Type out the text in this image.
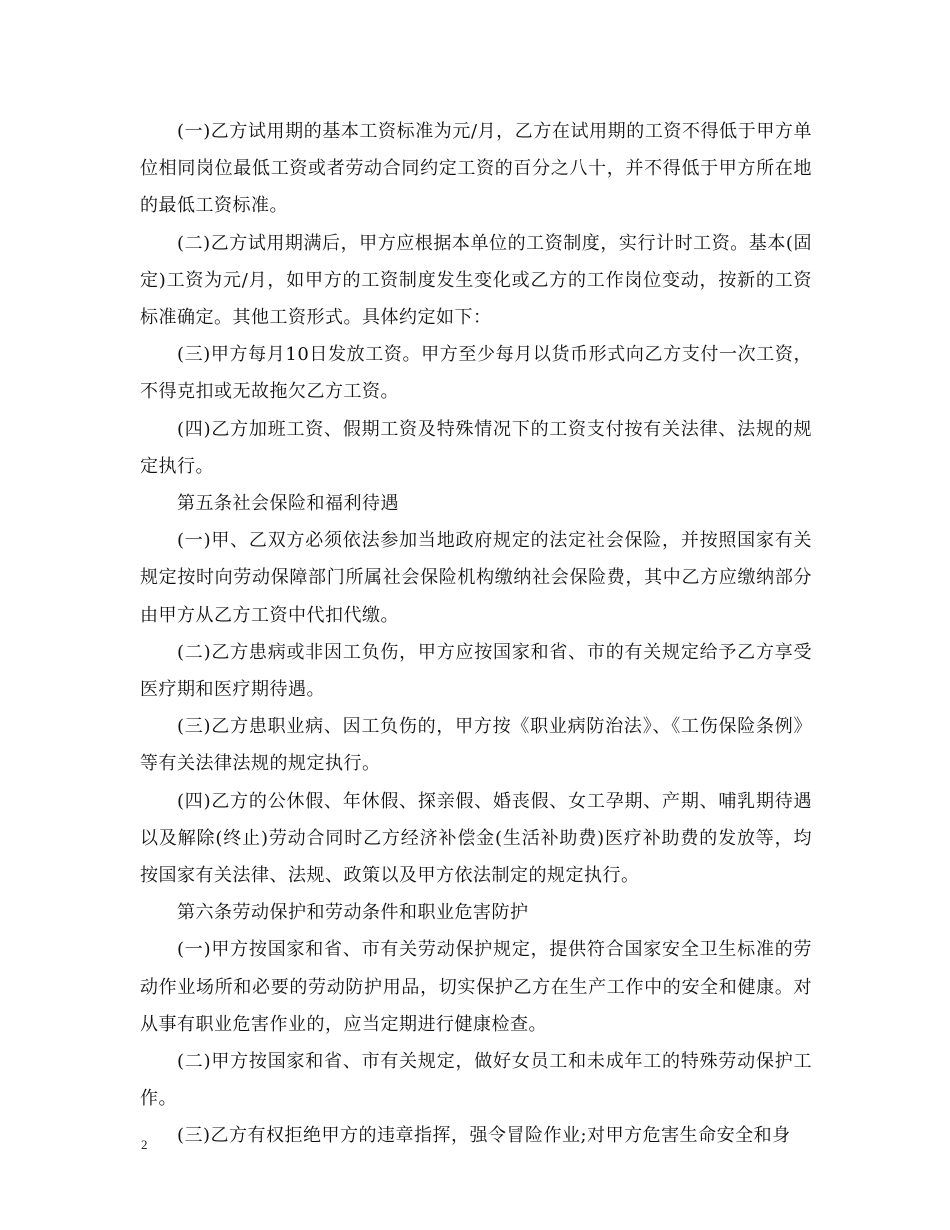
(一)乙方试用期的基本工资标准为元/月，乙方在试用期的工资不得低于甲方单位相同岗位最低工资或者劳动合同约定工资的百分之八十，并不得低于甲方所在地的最低工资标准。

(二)乙方试用期满后，甲方应根据本单位的工资制度，实行计时工资。基本(固定)工资为元/月，如甲方的工资制度发生变化或乙方的工作岗位变动，按新的工资标准确定。其他工资形式。具体约定如下：

(三)甲方每月10日发放工资。甲方至少每月以货币形式向乙方支付一次工资，不得克扣或无故拖欠乙方工资。

(四)乙方加班工资、假期工资及特殊情况下的工资支付按有关法律、法规的规定执行。

第五条社会保险和福利待遇

(一)甲、乙双方必须依法参加当地政府规定的法定社会保险，并按照国家有关规定按时向劳动保障部门所属社会保险机构缴纳社会保险费，其中乙方应缴纳部分由甲方从乙方工资中代扣代缴。

(二)乙方患病或非因工负伤，甲方应按国家和省、市的有关规定给予乙方享受医疗期和医疗期待遇。

(三)乙方患职业病、因工负伤的，甲方按《职业病防治法》、《工伤保险条例》等有关法律法规的规定执行。

(四)乙方的公休假、年休假、探亲假、婚丧假、女工孕期、产期、哺乳期待遇以及解除(终止)劳动合同时乙方经济补偿金(生活补助费)医疗补助费的发放等，均按国家有关法律、法规、政策以及甲方依法制定的规定执行。

第六条劳动保护和劳动条件和职业危害防护

(一)甲方按国家和省、市有关劳动保护规定，提供符合国家安全卫生标准的劳动作业场所和必要的劳动防护用品，切实保护乙方在生产工作中的安全和健康。对从事有职业危害作业的，应当定期进行健康检查。

(二)甲方按国家和省、市有关规定，做好女员工和未成年工的特殊劳动保护工作。

(三)乙方有权拒绝甲方的违章指挥，强令冒险作业;对甲方危害生命安全和身

2
